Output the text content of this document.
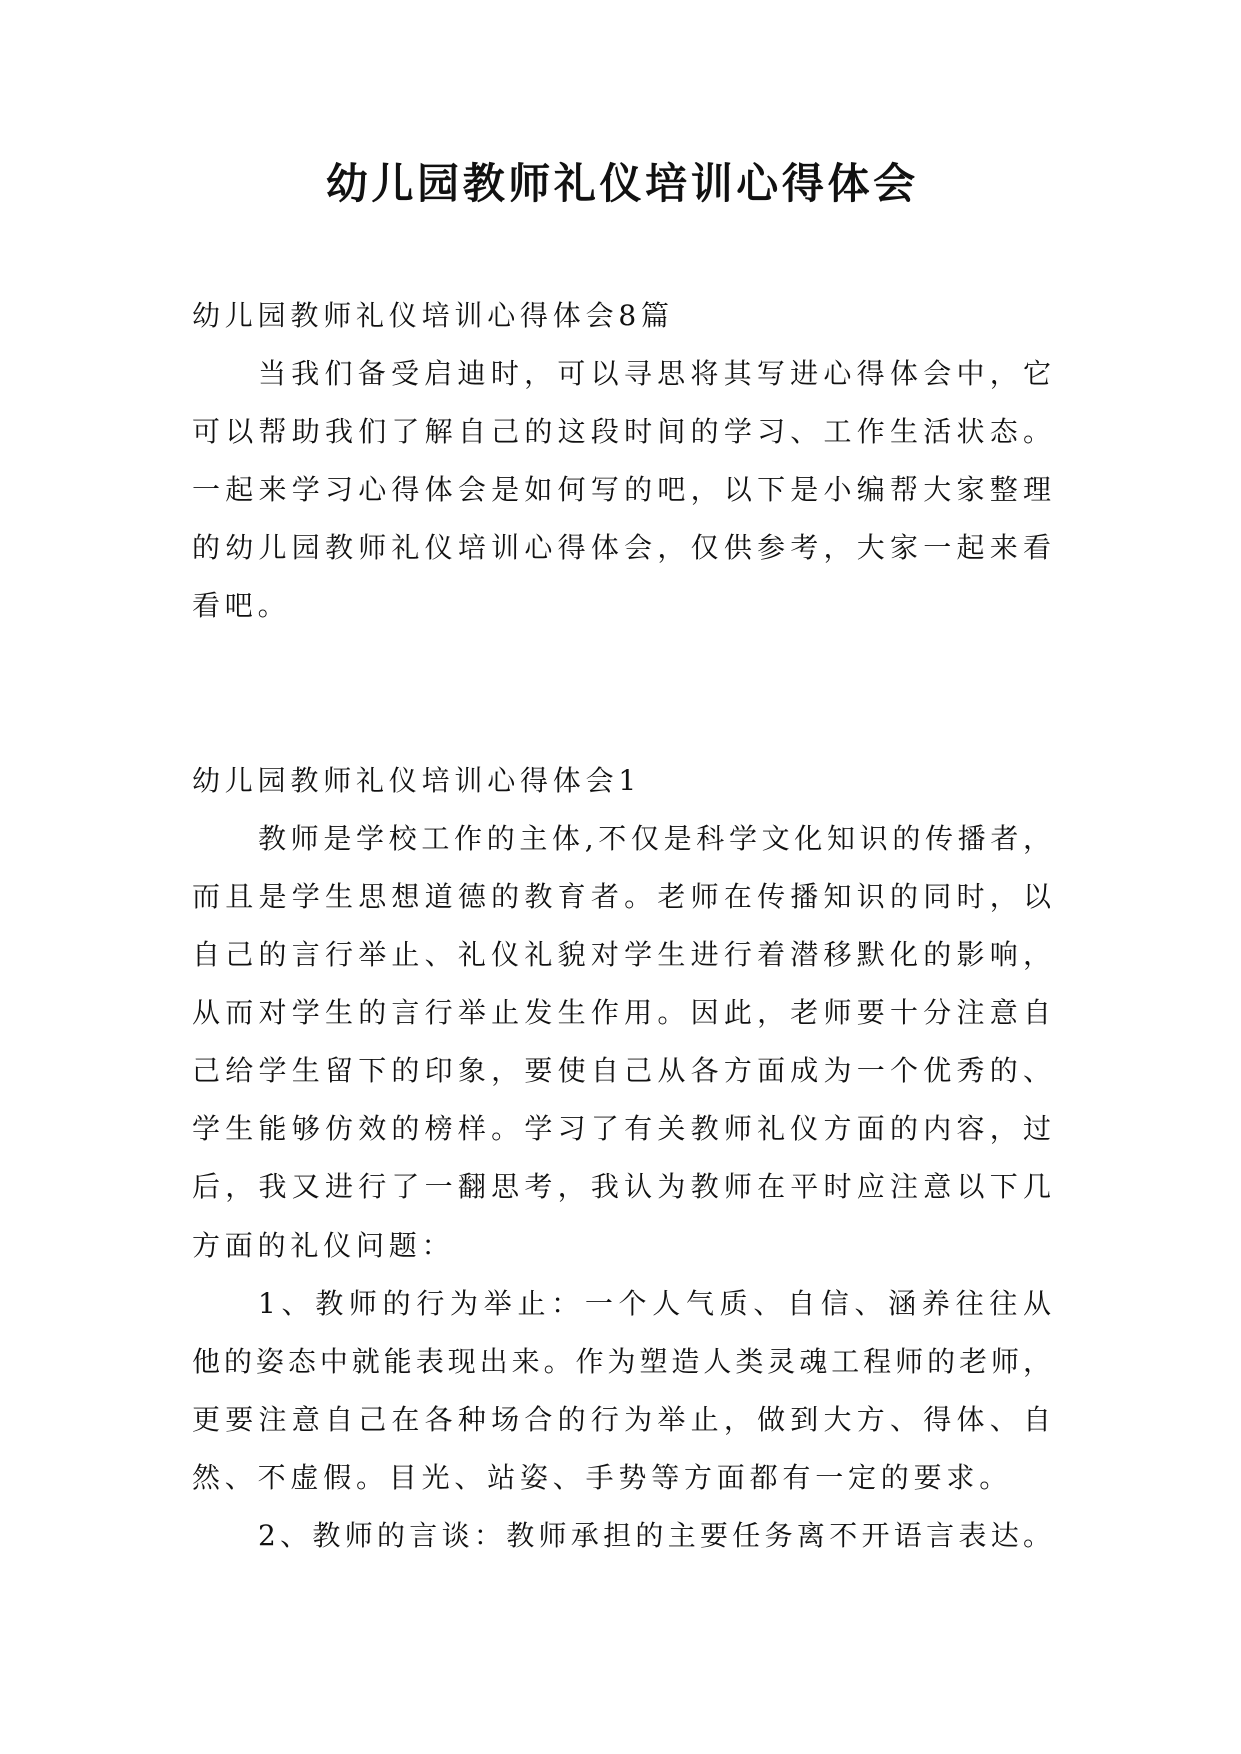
幼儿园教师礼仪培训心得体会
幼儿园教师礼仪培训心得体会8篇
当我们备受启迪时，可以寻思将其写进心得体会中，它
可以帮助我们了解自己的这段时间的学习、工作生活状态。
一起来学习心得体会是如何写的吧，以下是小编帮大家整理
的幼儿园教师礼仪培训心得体会，仅供参考，大家一起来看
看吧。
幼儿园教师礼仪培训心得体会1
教师是学校工作的主体,不仅是科学文化知识的传播者，
而且是学生思想道德的教育者。老师在传播知识的同时，以
自己的言行举止、礼仪礼貌对学生进行着潜移默化的影响，
从而对学生的言行举止发生作用。因此，老师要十分注意自
己给学生留下的印象，要使自己从各方面成为一个优秀的、
学生能够仿效的榜样。学习了有关教师礼仪方面的内容，过
后，我又进行了一翻思考，我认为教师在平时应注意以下几
方面的礼仪问题：
1、教师的行为举止：一个人气质、自信、涵养往往从
他的姿态中就能表现出来。作为塑造人类灵魂工程师的老师，
更要注意自己在各种场合的行为举止，做到大方、得体、自
然、不虚假。目光、站姿、手势等方面都有一定的要求。
2、教师的言谈：教师承担的主要任务离不开语言表达。
